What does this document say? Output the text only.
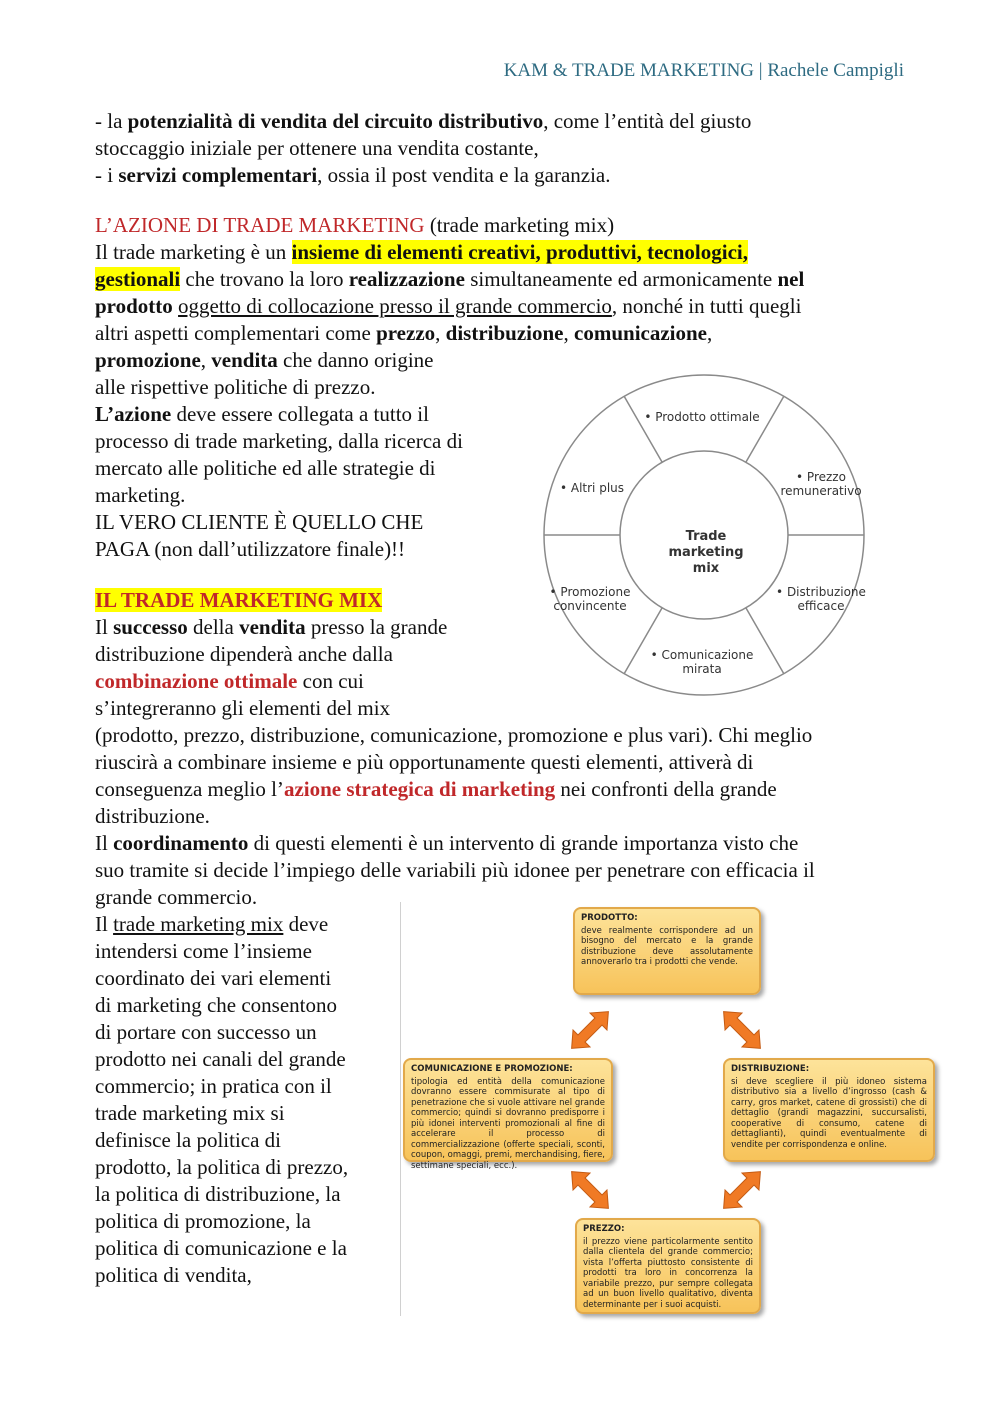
KAM & TRADE MARKETING | Rachele Campigli
- la potenzialità di vendita del circuito distributivo, come l’entità del giusto
stoccaggio iniziale per ottenere una vendita costante,
- i servizi complementari, ossia il post vendita e la garanzia.
L’AZIONE DI TRADE MARKETING (trade marketing mix)
Il trade marketing è un insieme di elementi creativi, produttivi, tecnologici,
gestionali che trovano la loro realizzazione simultaneamente ed armonicamente nel
prodotto oggetto di collocazione presso il grande commercio, nonché in tutti quegli
altri aspetti complementari come prezzo, distribuzione, comunicazione,
promozione, vendita che danno origine
alle rispettive politiche di prezzo.
L’azione deve essere collegata a tutto il
processo di trade marketing, dalla ricerca di
mercato alle politiche ed alle strategie di
marketing.
IL VERO CLIENTE È QUELLO CHE
PAGA (non dall’utilizzatore finale)!!
Trade
marketing
mix
• Prodotto ottimale
• Prezzo
remunerativo
• Distribuzione
efficace
• Comunicazione
mirata
• Promozione
convincente
• Altri plus
IL TRADE MARKETING MIX
Il successo della vendita presso la grande
distribuzione dipenderà anche dalla
combinazione ottimale con cui
s’integreranno gli elementi del mix
(prodotto, prezzo, distribuzione, comunicazione, promozione e plus vari). Chi meglio
riuscirà a combinare insieme e più opportunamente questi elementi, attiverà di
conseguenza meglio l’azione strategica di marketing nei confronti della grande
distribuzione.
Il coordinamento di questi elementi è un intervento di grande importanza visto che
suo tramite si decide l’impiego delle variabili più idonee per penetrare con efficacia il
grande commercio.
Il trade marketing mix deve
intendersi come l’insieme
coordinato dei vari elementi
di marketing che consentono
di portare con successo un
prodotto nei canali del grande
commercio; in pratica con il
trade marketing mix si
definisce la politica di
prodotto, la politica di prezzo,
la politica di distribuzione, la
politica di promozione, la
politica di comunicazione e la
politica di vendita,
PRODOTTO:
deve realmente corrispondere ad un bisogno del mercato e la grande distribuzione deve assolutamente annoverarlo tra i prodotti che vende.
COMUNICAZIONE E PROMOZIONE:
tipologia ed entità della comunicazione dovranno essere commisurate al tipo di penetrazione che si vuole attivare nel grande commercio; quindi si dovranno predisporre i più idonei interventi promozionali al fine di accelerare il processo di commercializzazione (offerte speciali, sconti, coupon, omaggi, premi, merchandising, fiere, settimane speciali, ecc.).
DISTRIBUZIONE:
si deve scegliere il più idoneo sistema distributivo sia a livello d’ingrosso (cash & carry, gros market, catene di grossisti) che di dettaglio (grandi magazzini, succursalisti, cooperative di consumo, catene di dettaglianti), quindi eventualmente di vendite per corrispondenza e online.
PREZZO:
il prezzo viene particolarmente sentito dalla clientela del grande commercio; vista l’offerta piuttosto consistente di prodotti tra loro in concorrenza la variabile prezzo, pur sempre collegata ad un buon livello qualitativo, diventa determinante per i suoi acquisti.
